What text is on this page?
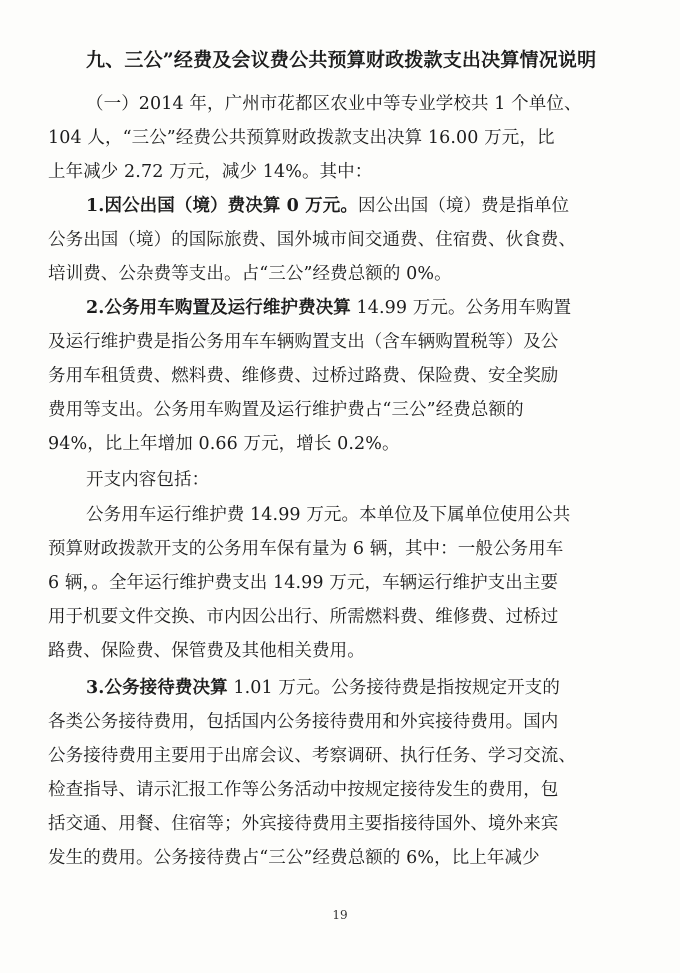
九、三公”经费及会议费公共预算财政拨款支出决算情况说明
（一）2014 年，广州市花都区农业中等专业学校共 1 个单位、
104 人，“三公”经费公共预算财政拨款支出决算 16.00 万元，比
上年减少 2.72 万元，减少 14%。其中：
1.因公出国（境）费决算 0 万元。因公出国（境）费是指单位
公务出国（境）的国际旅费、国外城市间交通费、住宿费、伙食费、
培训费、公杂费等支出。占“三公”经费总额的 0%。
2.公务用车购置及运行维护费决算 14.99 万元。公务用车购置
及运行维护费是指公务用车车辆购置支出（含车辆购置税等）及公
务用车租赁费、燃料费、维修费、过桥过路费、保险费、安全奖励
费用等支出。公务用车购置及运行维护费占“三公”经费总额的
94%，比上年增加 0.66 万元，增长 0.2%。
开支内容包括：
公务用车运行维护费 14.99 万元。本单位及下属单位使用公共
预算财政拨款开支的公务用车保有量为 6 辆，其中：一般公务用车
6 辆，。全年运行维护费支出 14.99 万元，车辆运行维护支出主要
用于机要文件交换、市内因公出行、所需燃料费、维修费、过桥过
路费、保险费、保管费及其他相关费用。
3.公务接待费决算 1.01 万元。公务接待费是指按规定开支的
各类公务接待费用，包括国内公务接待费用和外宾接待费用。国内
公务接待费用主要用于出席会议、考察调研、执行任务、学习交流、
检查指导、请示汇报工作等公务活动中按规定接待发生的费用，包
括交通、用餐、住宿等；外宾接待费用主要指接待国外、境外来宾
发生的费用。公务接待费占“三公”经费总额的 6%，比上年减少
19
